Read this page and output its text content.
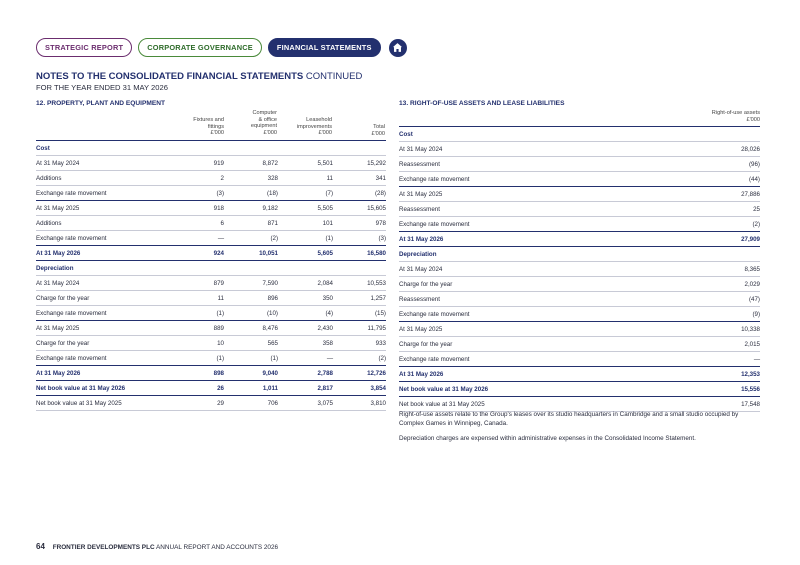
STRATEGIC REPORT	CORPORATE GOVERNANCE	FINANCIAL STATEMENTS
NOTES TO THE CONSOLIDATED FINANCIAL STATEMENTS CONTINUED
FOR THE YEAR ENDED 31 MAY 2026
12. PROPERTY, PLANT AND EQUIPMENT
Fixtures and
fittings
£'000
Computer
& office
equipment
£'000
Leasehold
improvements
£'000
Total
£'000
Cost
At 31 May 2024	919	8,872	5,501	15,292
Additions	2	328	11	341
Exchange rate movement	(3)	(18)	(7)	(28)
At 31 May 2025	918	9,182	5,505	15,605
Additions	6	871	101	978
Exchange rate movement	—	(2)	(1)	(3)
At 31 May 2026	924	10,051	5,605	16,580
Depreciation
At 31 May 2024	879	7,590	2,084	10,553
Charge for the year	11	896	350	1,257
Exchange rate movement	(1)	(10)	(4)	(15)
At 31 May 2025	889	8,476	2,430	11,795
Charge for the year	10	565	358	933
Exchange rate movement	(1)	(1)	—	(2)
At 31 May 2026	898	9,040	2,788	12,726
Net book value at 31 May 2026	26	1,011	2,817	3,854
Net book value at 31 May 2025	29	706	3,075	3,810
13. RIGHT-OF-USE ASSETS AND LEASE LIABILITIES
Right-of-use assets
£'000
Cost
At 31 May 2024	28,026
Reassessment	(96)
Exchange rate movement	(44)
At 31 May 2025	27,886
Reassessment	25
Exchange rate movement	(2)
At 31 May 2026	27,909
Depreciation
At 31 May 2024	8,365
Charge for the year	2,029
Reassessment	(47)
Exchange rate movement	(9)
At 31 May 2025	10,338
Charge for the year	2,015
Exchange rate movement	—
At 31 May 2026	12,353
Net book value at 31 May 2026	15,556
Net book value at 31 May 2025	17,548
Right-of-use assets relate to the Group's leases over its studio headquarters in Cambridge and a small studio occupied by Complex Games in Winnipeg, Canada.
Depreciation charges are expensed within administrative expenses in the Consolidated Income Statement.
64 FRONTIER DEVELOPMENTS PLC ANNUAL REPORT AND ACCOUNTS 2026
